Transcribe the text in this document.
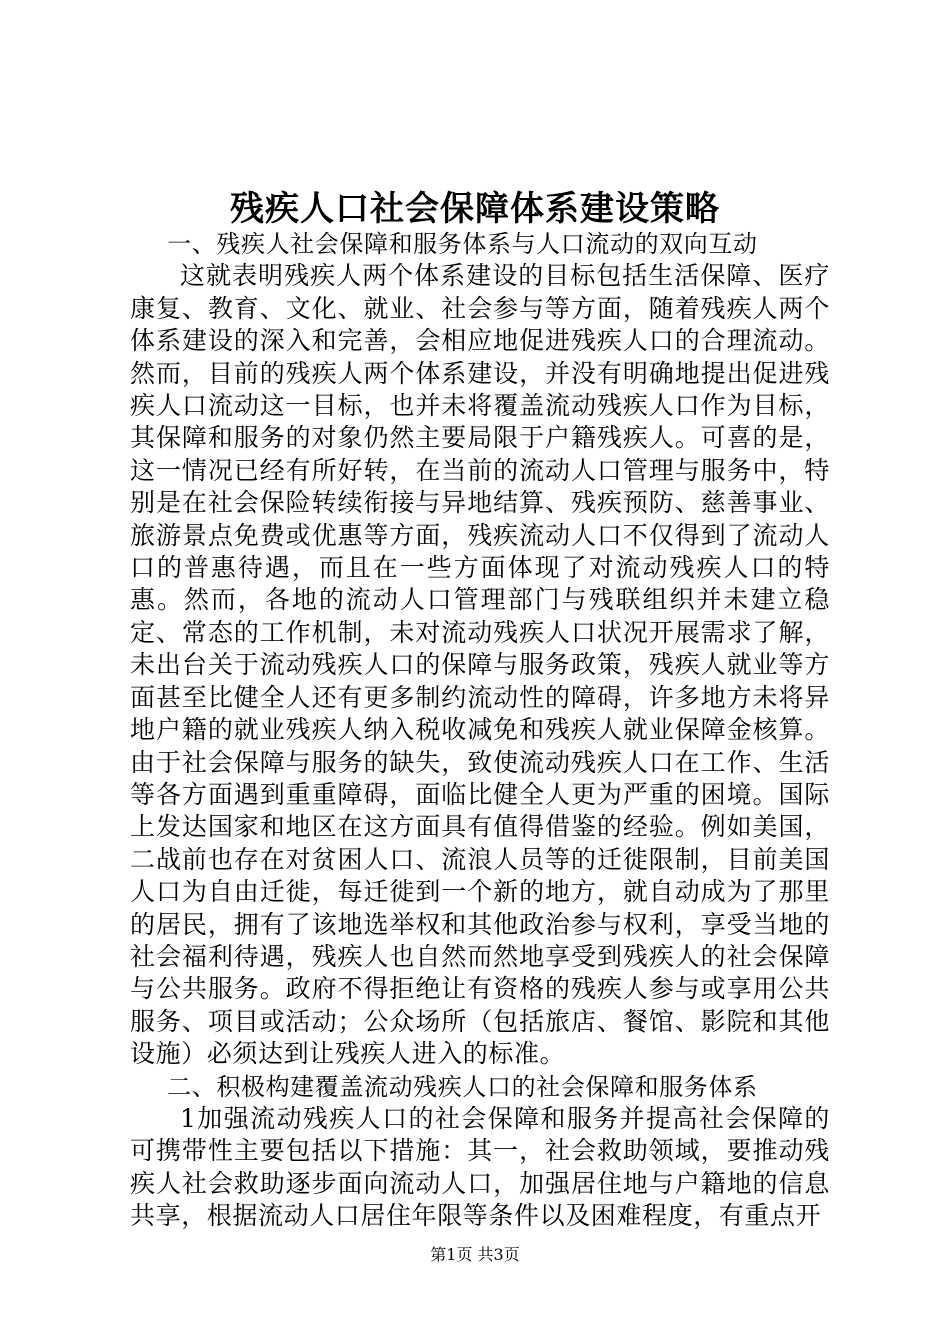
残疾人口社会保障体系建设策略

一、残疾人社会保障和服务体系与人口流动的双向互动

这就表明残疾人两个体系建设的目标包括生活保障、医疗康复、教育、文化、就业、社会参与等方面，随着残疾人两个体系建设的深入和完善，会相应地促进残疾人口的合理流动。然而，目前的残疾人两个体系建设，并没有明确地提出促进残疾人口流动这一目标，也并未将覆盖流动残疾人口作为目标，其保障和服务的对象仍然主要局限于户籍残疾人。可喜的是，这一情况已经有所好转，在当前的流动人口管理与服务中，特别是在社会保险转续衔接与异地结算、残疾预防、慈善事业、旅游景点免费或优惠等方面，残疾流动人口不仅得到了流动人口的普惠待遇，而且在一些方面体现了对流动残疾人口的特惠。然而，各地的流动人口管理部门与残联组织并未建立稳定、常态的工作机制，未对流动残疾人口状况开展需求了解，未出台关于流动残疾人口的保障与服务政策，残疾人就业等方面甚至比健全人还有更多制约流动性的障碍，许多地方未将异地户籍的就业残疾人纳入税收减免和残疾人就业保障金核算。由于社会保障与服务的缺失，致使流动残疾人口在工作、生活等各方面遇到重重障碍，面临比健全人更为严重的困境。国际上发达国家和地区在这方面具有值得借鉴的经验。例如美国，二战前也存在对贫困人口、流浪人员等的迁徙限制，目前美国人口为自由迁徙，每迁徙到一个新的地方，就自动成为了那里的居民，拥有了该地选举权和其他政治参与权利，享受当地的社会福利待遇，残疾人也自然而然地享受到残疾人的社会保障与公共服务。政府不得拒绝让有资格的残疾人参与或享用公共服务、项目或活动；公众场所（包括旅店、餐馆、影院和其他设施）必须达到让残疾人进入的标准。

二、积极构建覆盖流动残疾人口的社会保障和服务体系

1加强流动残疾人口的社会保障和服务并提高社会保障的可携带性主要包括以下措施：其一，社会救助领域，要推动残疾人社会救助逐步面向流动人口，加强居住地与户籍地的信息共享，根据流动人口居住年限等条件以及困难程度，有重点开

第1页 共3页
